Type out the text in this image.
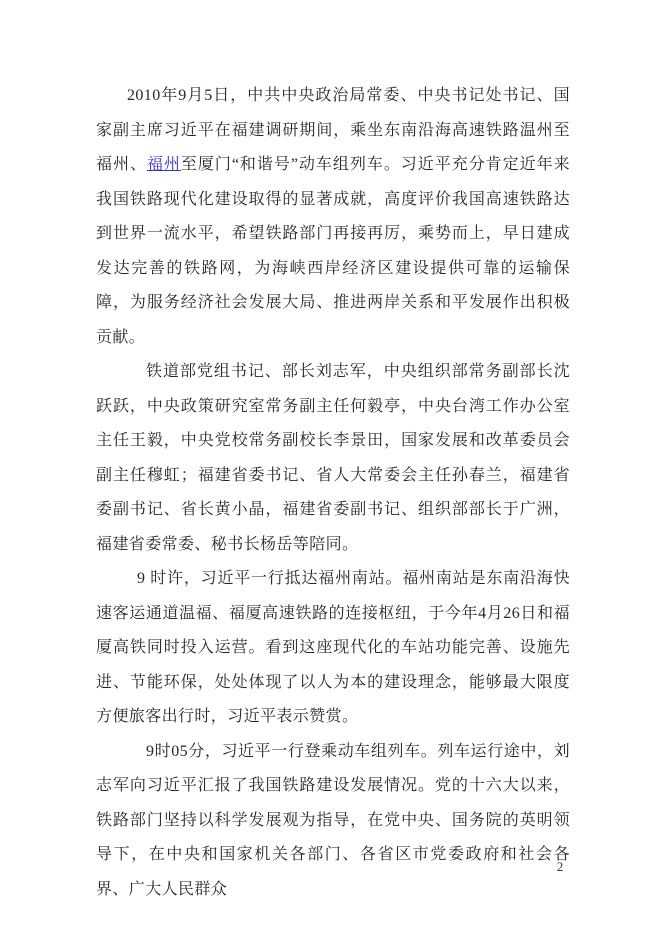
2010年9月5日，中共中央政治局常委、中央书记处书记、国家副主席习近平在福建调研期间，乘坐东南沿海高速铁路温州至福州、福州至厦门“和谐号”动车组列车。习近平充分肯定近年来我国铁路现代化建设取得的显著成就，高度评价我国高速铁路达到世界一流水平，希望铁路部门再接再厉，乘势而上，早日建成发达完善的铁路网，为海峡西岸经济区建设提供可靠的运输保障，为服务经济社会发展大局、推进两岸关系和平发展作出积极贡献。

铁道部党组书记、部长刘志军，中央组织部常务副部长沈跃跃，中央政策研究室常务副主任何毅亭，中央台湾工作办公室主任王毅，中央党校常务副校长李景田，国家发展和改革委员会副主任穆虹；福建省委书记、省人大常委会主任孙春兰，福建省委副书记、省长黄小晶，福建省委副书记、组织部部长于广洲，福建省委常委、秘书长杨岳等陪同。

9 时许，习近平一行抵达福州南站。福州南站是东南沿海快速客运通道温福、福厦高速铁路的连接枢纽，于今年4月26日和福厦高铁同时投入运营。看到这座现代化的车站功能完善、设施先进、节能环保，处处体现了以人为本的建设理念，能够最大限度方便旅客出行时，习近平表示赞赏。

9时05分，习近平一行登乘动车组列车。列车运行途中，刘志军向习近平汇报了我国铁路建设发展情况。党的十六大以来，铁路部门坚持以科学发展观为指导，在党中央、国务院的英明领导下，在中央和国家机关各部门、各省区市党委政府和社会各界、广大人民群众

2
